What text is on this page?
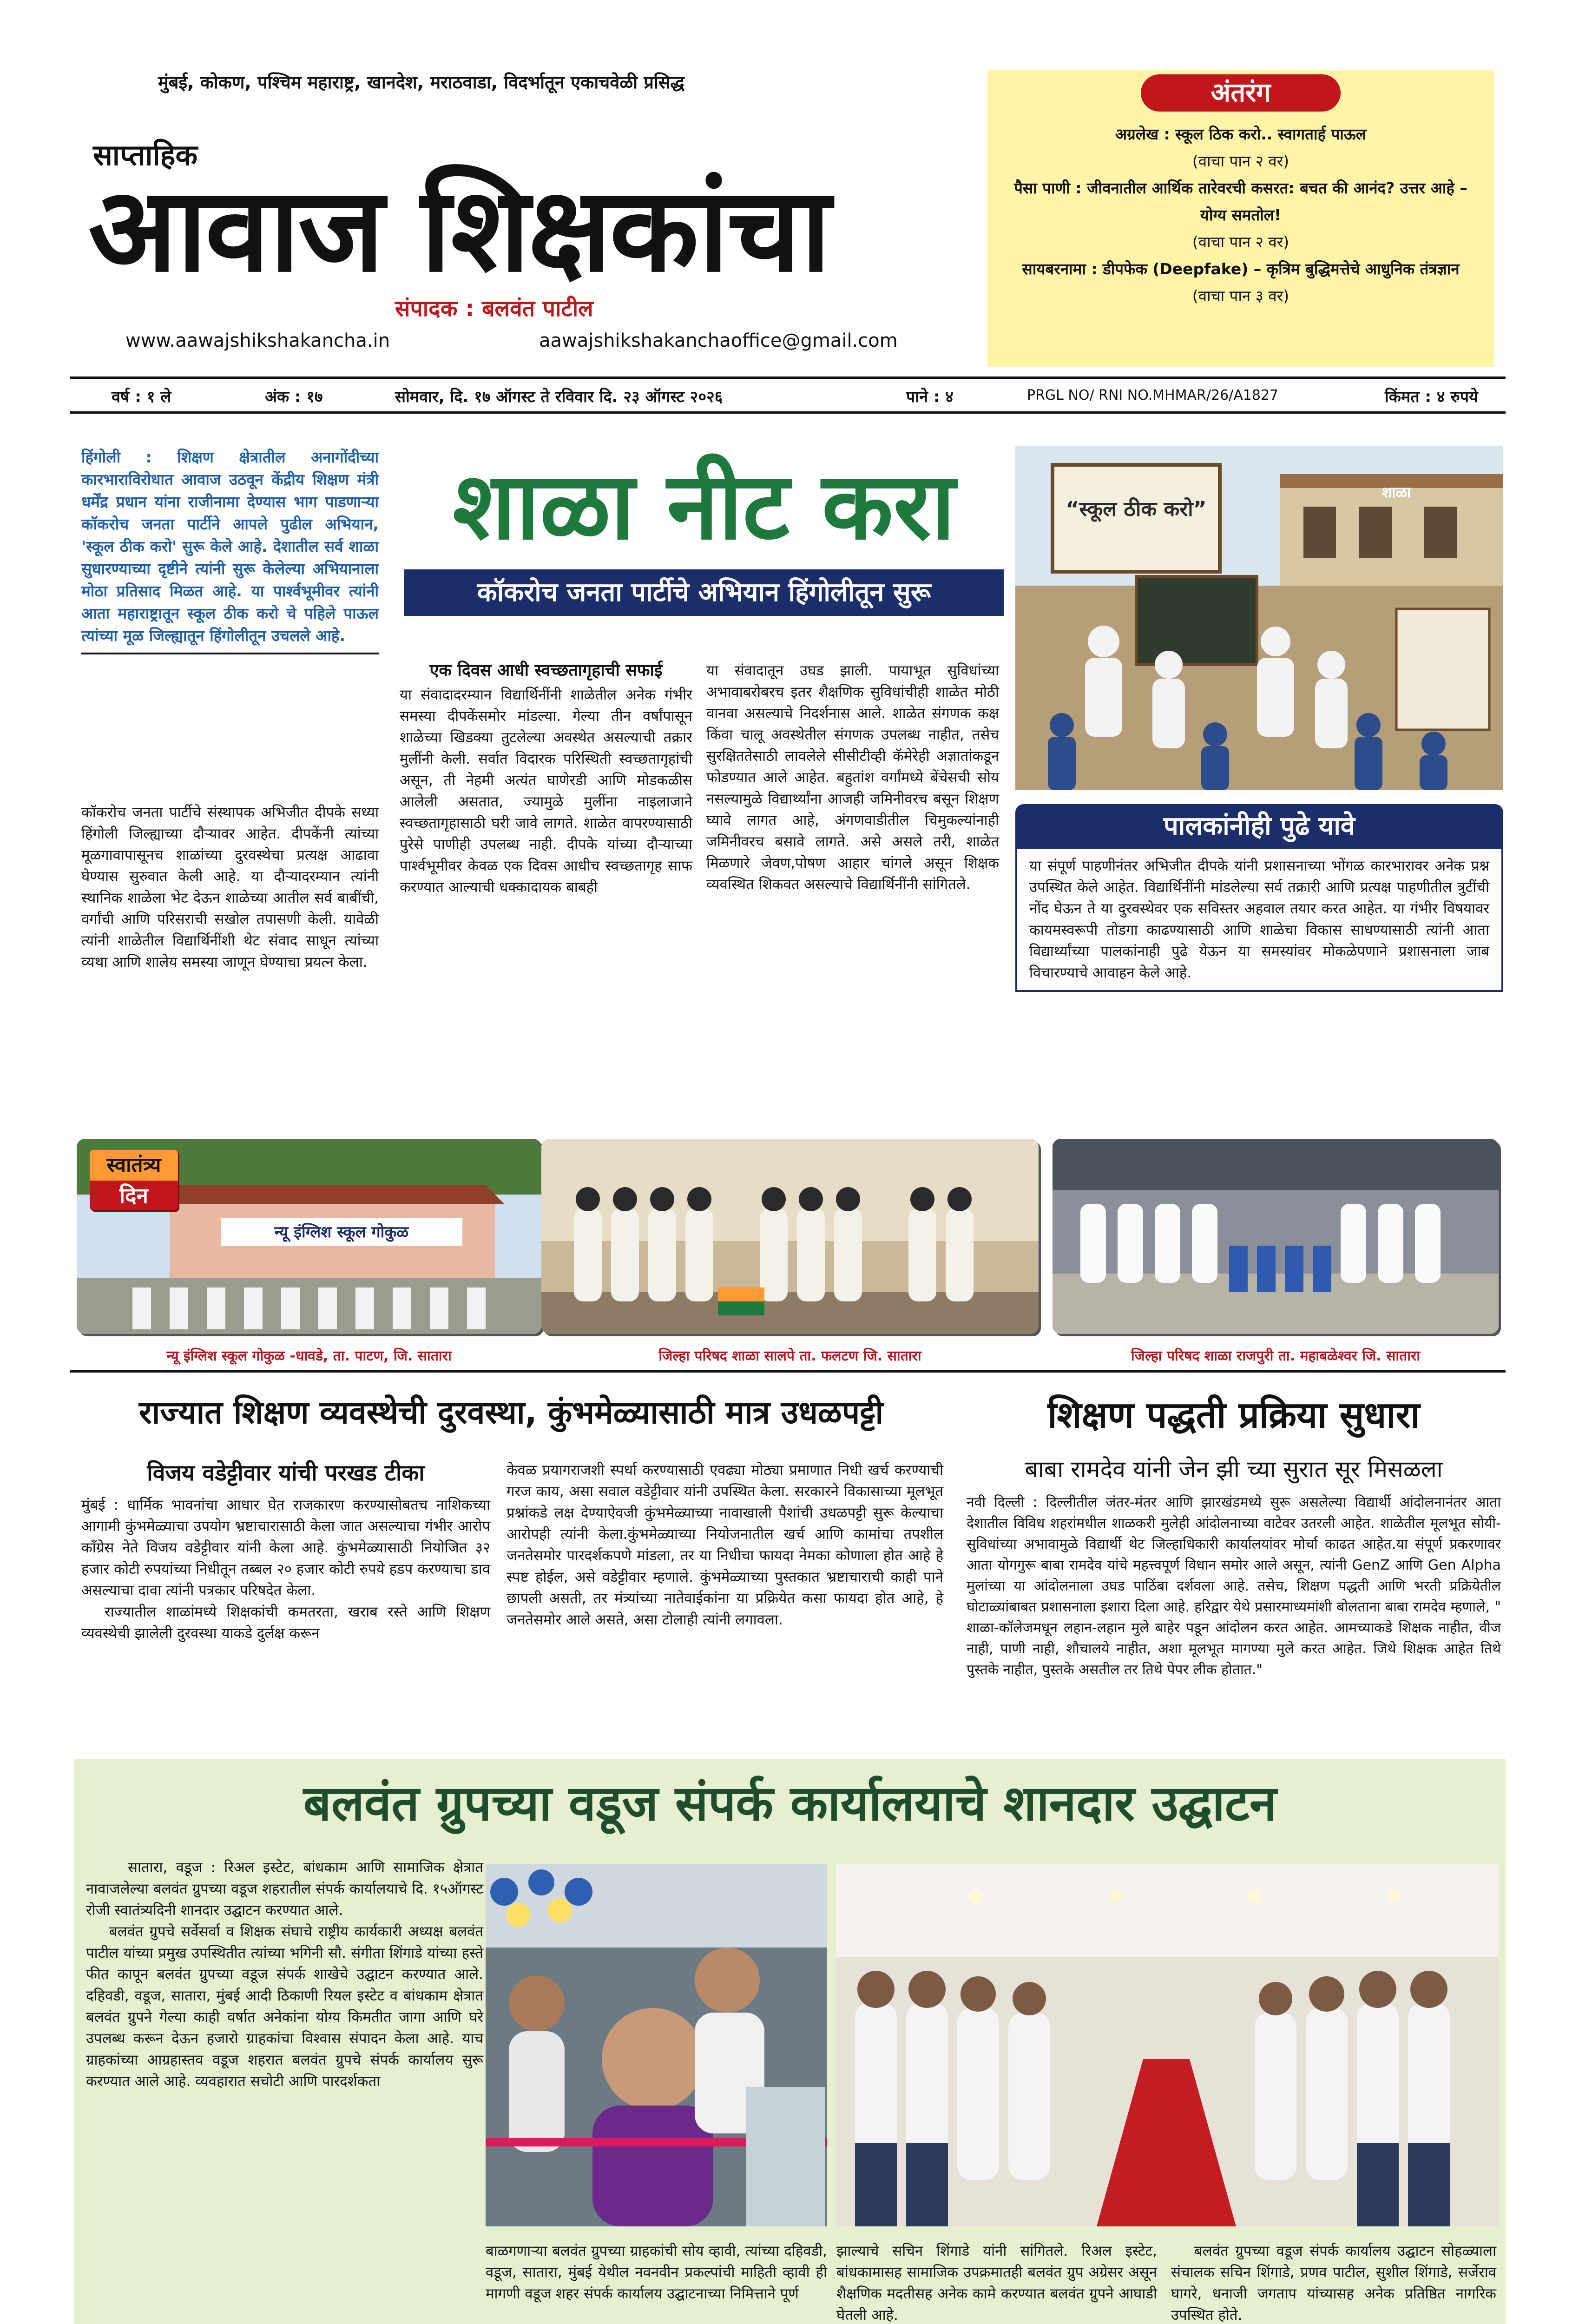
मुंबई, कोकण, पश्चिम महाराष्ट्र, खानदेश, मराठवाडा, विदर्भातून एकाचवेळी प्रसिद्ध
साप्ताहिक
आवाज शिक्षकांचा
संपादक : बलवंत पाटील
www.aawajshikshakancha.in	aawajshikshakanchaoffice@gmail.com
अंतरंग
अग्रलेख : स्कूल ठिक करो.. स्वागतार्ह पाऊल
(वाचा पान २ वर)
पैसा पाणी : जीवनातील आर्थिक तारेवरची कसरत: बचत की आनंद? उत्तर आहे – योग्य समतोल!
(वाचा पान २ वर)
सायबरनामा : डीपफेक (Deepfake) – कृत्रिम बुद्धिमत्तेचे आधुनिक तंत्रज्ञान
(वाचा पान ३ वर)
वर्ष : १ ले	अंक : १७	सोमवार, दि. १७ ऑगस्ट ते रविवार दि. २३ ऑगस्ट २०२६	पाने : ४	PRGL NO/ RNI NO.MHMAR/26/A1827	किंमत : ४ रुपये
हिंगोली : शिक्षण क्षेत्रातील अनागोंदीच्या कारभाराविरोधात आवाज उठवून केंद्रीय शिक्षण मंत्री धर्मेंद्र प्रधान यांना राजीनामा देण्यास भाग पाडणाऱ्या कॉकरोच जनता पार्टीने आपले पुढील अभियान, 'स्कूल ठीक करो' सुरू केले आहे. देशातील सर्व शाळा सुधारण्याच्या दृष्टीने त्यांनी सुरू केलेल्या अभियानाला मोठा प्रतिसाद मिळत आहे. या पार्श्वभूमीवर त्यांनी आता महाराष्ट्रातून स्कूल ठीक करो चे पहिले पाऊल त्यांच्या मूळ जिल्ह्यातून हिंगोलीतून उचलले आहे.
शाळा नीट करा
कॉकरोच जनता पार्टीचे अभियान हिंगोलीतून सुरू
कॉकरोच जनता पार्टीचे संस्थापक अभिजीत दीपके सध्या हिंगोली जिल्ह्याच्या दौऱ्यावर आहेत. दीपकेंनी त्यांच्या मूळगावापासूनच शाळांच्या दुरवस्थेचा प्रत्यक्ष आढावा घेण्यास सुरुवात केली आहे. या दौऱ्यादरम्यान त्यांनी स्थानिक शाळेला भेट देऊन शाळेच्या आतील सर्व बाबींची, वर्गांची आणि परिसराची सखोल तपासणी केली. यावेळी त्यांनी शाळेतील विद्यार्थिनींशी थेट संवाद साधून त्यांच्या व्यथा आणि शालेय समस्या जाणून घेण्याचा प्रयत्न केला.
एक दिवस आधी स्वच्छतागृहाची सफाई
या संवादादरम्यान विद्यार्थिनींनी शाळेतील अनेक गंभीर समस्या दीपकेंसमोर मांडल्या. गेल्या तीन वर्षांपासून शाळेच्या खिडक्या तुटलेल्या अवस्थेत असल्याची तक्रार मुलींनी केली. सर्वात विदारक परिस्थिती स्वच्छतागृहांची असून, ती नेहमी अत्यंत घाणेरडी आणि मोडकळीस आलेली असतात, ज्यामुळे मुलींना नाइलाजाने स्वच्छतागृहासाठी घरी जावे लागते. शाळेत वापरण्यासाठी पुरेसे पाणीही उपलब्ध नाही. दीपके यांच्या दौऱ्याच्या पार्श्वभूमीवर केवळ एक दिवस आधीच स्वच्छतागृह साफ करण्यात आल्याची धक्कादायक बाबही
या संवादातून उघड झाली. पायाभूत सुविधांच्या अभावाबरोबरच इतर शैक्षणिक सुविधांचीही शाळेत मोठी वानवा असल्याचे निदर्शनास आले. शाळेत संगणक कक्ष किंवा चालू अवस्थेतील संगणक उपलब्ध नाहीत, तसेच सुरक्षिततेसाठी लावलेले सीसीटीव्ही कॅमेरेही अज्ञातांकडून फोडण्यात आले आहेत. बहुतांश वर्गांमध्ये बेंचेसची सोय नसल्यामुळे विद्यार्थ्यांना आजही जमिनीवरच बसून शिक्षण घ्यावे लागत आहे, अंगणवाडीतील चिमुकल्यांनाही जमिनीवरच बसावे लागते. असे असले तरी, शाळेत मिळणारे जेवण,पोषण आहार चांगले असून शिक्षक व्यवस्थित शिकवत असल्याचे विद्यार्थिनींनी सांगितले.
“स्कूल ठीक करो”
शाळा
पालकांनीही पुढे यावे
या संपूर्ण पाहणीनंतर अभिजीत दीपके यांनी प्रशासनाच्या भोंगळ कारभारावर अनेक प्रश्न उपस्थित केले आहेत. विद्यार्थिनींनी मांडलेल्या सर्व तक्रारी आणि प्रत्यक्ष पाहणीतील त्रुटींची नोंद घेऊन ते या दुरवस्थेवर एक सविस्तर अहवाल तयार करत आहेत. या गंभीर विषयावर कायमस्वरूपी तोडगा काढण्यासाठी आणि शाळेचा विकास साधण्यासाठी त्यांनी आता विद्यार्थ्यांच्या पालकांनाही पुढे येऊन या समस्यांवर मोकळेपणाने प्रशासनाला जाब विचारण्याचे आवाहन केले आहे.
न्यू इंग्लिश स्कूल गोकुळ
स्वातंत्र्य
दिन
न्यू इंग्लिश स्कूल गोकुळ -धावडे, ता. पाटण, जि. सातारा	जिल्हा परिषद शाळा सालपे ता. फलटण जि. सातारा	जिल्हा परिषद शाळा राजपुरी ता. महाबळेश्वर जि. सातारा
राज्यात शिक्षण व्यवस्थेची दुरवस्था, कुंभमेळ्यासाठी मात्र उधळपट्टी
विजय वडेट्टीवार यांची परखड टीका
मुंबई : धार्मिक भावनांचा आधार घेत राजकारण करण्यासोबतच नाशिकच्या आगामी कुंभमेळ्याचा उपयोग भ्रष्टाचारासाठी केला जात असल्याचा गंभीर आरोप काँग्रेस नेते विजय वडेट्टीवार यांनी केला आहे. कुंभमेळ्यासाठी नियोजित ३२ हजार कोटी रुपयांच्या निधीतून तब्बल २० हजार कोटी रुपये हडप करण्याचा डाव असल्याचा दावा त्यांनी पत्रकार परिषदेत केला.
राज्यातील शाळांमध्ये शिक्षकांची कमतरता, खराब रस्ते आणि शिक्षण व्यवस्थेची झालेली दुरवस्था याकडे दुर्लक्ष करून
केवळ प्रयागराजशी स्पर्धा करण्यासाठी एवढ्या मोठ्या प्रमाणात निधी खर्च करण्याची गरज काय, असा सवाल वडेट्टीवार यांनी उपस्थित केला. सरकारने विकासाच्या मूलभूत प्रश्नांकडे लक्ष देण्याऐवजी कुंभमेळ्याच्या नावाखाली पैशांची उधळपट्टी सुरू केल्याचा आरोपही त्यांनी केला.कुंभमेळ्याच्या नियोजनातील खर्च आणि कामांचा तपशील जनतेसमोर पारदर्शकपणे मांडला, तर या निधीचा फायदा नेमका कोणाला होत आहे हे स्पष्ट होईल, असे वडेट्टीवार म्हणाले. कुंभमेळ्याच्या पुस्तकात भ्रष्टाचाराची काही पाने छापली असती, तर मंत्र्यांच्या नातेवाईकांना या प्रक्रियेत कसा फायदा होत आहे, हे जनतेसमोर आले असते, असा टोलाही त्यांनी लगावला.
शिक्षण पद्धती प्रक्रिया सुधारा
बाबा रामदेव यांनी जेन झी च्या सुरात सूर मिसळला
नवी दिल्ली : दिल्लीतील जंतर-मंतर आणि झारखंडमध्ये सुरू असलेल्या विद्यार्थी आंदोलनानंतर आता देशातील विविध शहरांमधील शाळकरी मुलेही आंदोलनाच्या वाटेवर उतरली आहेत. शाळेतील मूलभूत सोयी-सुविधांच्या अभावामुळे विद्यार्थी थेट जिल्हाधिकारी कार्यालयांवर मोर्चा काढत आहेत.या संपूर्ण प्रकरणावर आता योगगुरू बाबा रामदेव यांचे महत्त्वपूर्ण विधान समोर आले असून, त्यांनी GenZ आणि Gen Alpha मुलांच्या या आंदोलनाला उघड पाठिंबा दर्शवला आहे. तसेच, शिक्षण पद्धती आणि भरती प्रक्रियेतील घोटाळ्यांबाबत प्रशासनाला इशारा दिला आहे. हरिद्वार येथे प्रसारमाध्यमांशी बोलताना बाबा रामदेव म्हणाले, " शाळा-कॉलेजमधून लहान-लहान मुले बाहेर पडून आंदोलन करत आहेत. आमच्याकडे शिक्षक नाहीत, वीज नाही, पाणी नाही, शौचालये नाहीत, अशा मूलभूत मागण्या मुले करत आहेत. जिथे शिक्षक आहेत तिथे पुस्तके नाहीत, पुस्तके असतील तर तिथे पेपर लीक होतात."
बलवंत ग्रुपच्या वडूज संपर्क कार्यालयाचे शानदार उद्घाटन
सातारा, वडूज : रिअल इस्टेट, बांधकाम आणि सामाजिक क्षेत्रात नावाजलेल्या बलवंत ग्रुपच्या वडूज शहरातील संपर्क कार्यालयाचे दि. १५ऑगस्ट रोजी स्वातंत्र्यदिनी शानदार उद्घाटन करण्यात आले.
बलवंत ग्रुपचे सर्वेसर्वा व शिक्षक संघाचे राष्ट्रीय कार्यकारी अध्यक्ष बलवंत पाटील यांच्या प्रमुख उपस्थितीत त्यांच्या भगिनी सौ. संगीता शिंगाडे यांच्या हस्ते फीत कापून बलवंत ग्रुपच्या वडूज संपर्क शाखेचे उद्घाटन करण्यात आले. दहिवडी, वडूज, सातारा, मुंबई आदी ठिकाणी रियल इस्टेट व बांधकाम क्षेत्रात बलवंत ग्रुपने गेल्या काही वर्षात अनेकांना योग्य किमतीत जागा आणि घरे उपलब्ध करून देऊन हजारो ग्राहकांचा विश्वास संपादन केला आहे. याच ग्राहकांच्या आग्रहास्तव वडूज शहरात बलवंत ग्रुपचे संपर्क कार्यालय सुरू करण्यात आले आहे. व्यवहारात सचोटी आणि पारदर्शकता
बाळगणाऱ्या बलवंत ग्रुपच्या ग्राहकांची सोय व्हावी, त्यांच्या दहिवडी, वडूज, सातारा, मुंबई येथील नवनवीन प्रकल्पांची माहिती व्हावी ही मागणी वडूज शहर संपर्क कार्यालय उद्घाटनाच्या निमित्ताने पूर्ण
झाल्याचे सचिन शिंगाडे यांनी सांगितले. रिअल इस्टेट, बांधकामासह सामाजिक उपक्रमातही बलवंत ग्रुप अग्रेसर असून शैक्षणिक मदतीसह अनेक कामे करण्यात बलवंत ग्रुपने आघाडी घेतली आहे.
बलवंत ग्रुपच्या वडूज संपर्क कार्यालय उद्घाटन सोहळ्याला संचालक सचिन शिंगाडे, प्रणव पाटील, सुशील शिंगाडे, सर्जेराव घागरे, धनाजी जगताप यांच्यासह अनेक प्रतिष्ठित नागरिक उपस्थित होते.
